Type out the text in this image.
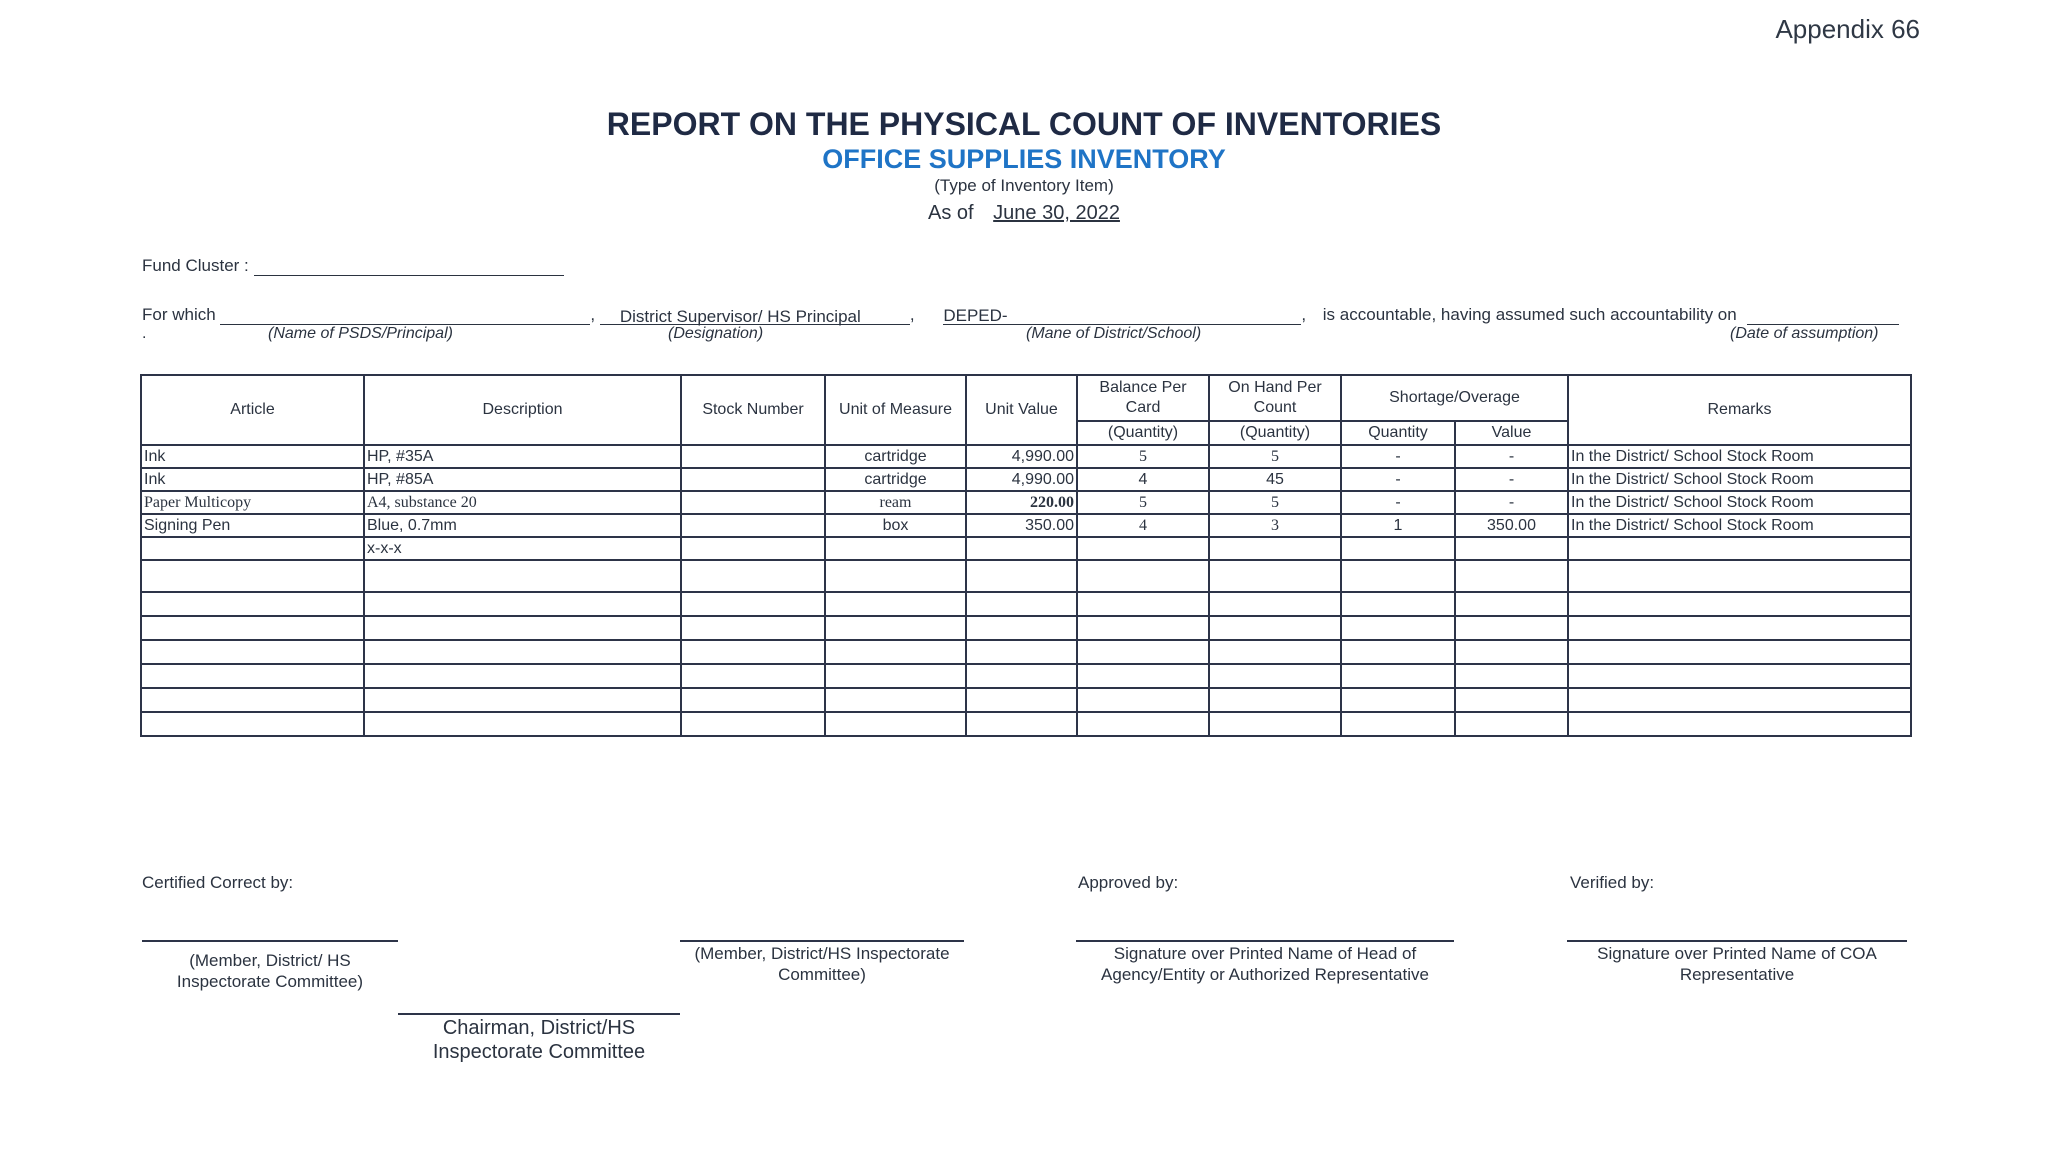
Appendix 66
REPORT ON THE PHYSICAL COUNT OF INVENTORIES
OFFICE SUPPLIES INVENTORY
(Type of Inventory Item)
As of June 30, 2022
Fund Cluster :
For which	, District Supervisor/ HS Principal	, DEPED-	, is accountable, having assumed such accountability on
.	(Name of PSDS/Principal)	(Designation)	(Mane of District/School)	(Date of assumption)
Article	Description	Stock Number	Unit of Measure	Unit Value	Balance Per Card	On Hand Per Count	Shortage/Overage		Remarks
					(Quantity)	(Quantity)	Quantity	Value	
Ink	HP, #35A		cartridge	4,990.00	5	5	-	-	In the District/ School Stock Room
Ink	HP, #85A		cartridge	4,990.00	4	45	-	-	In the District/ School Stock Room
Paper Multicopy	A4, substance 20		ream	220.00	5	5	-	-	In the District/ School Stock Room
Signing Pen	Blue, 0.7mm		box	350.00	4	3	1	350.00	In the District/ School Stock Room
	x-x-x								

Certified Correct by:	Approved by:	Verified by:
(Member, District/ HS Inspectorate Committee)
(Member, District/HS Inspectorate Committee)
Chairman, District/HS Inspectorate Committee
Signature over Printed Name of Head of Agency/Entity or Authorized Representative
Signature over Printed Name of COA Representative
